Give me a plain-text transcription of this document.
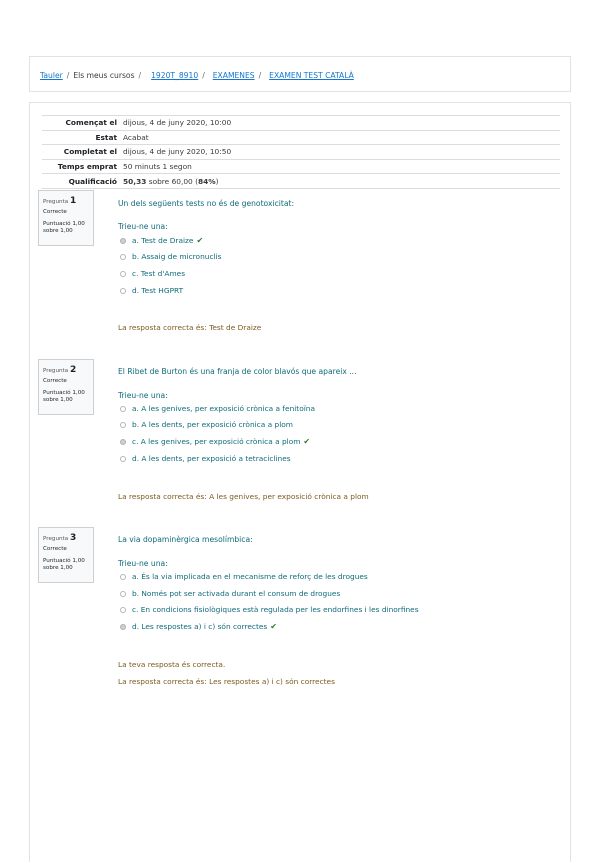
Tauler / Els meus cursos / 1920T_8910 / EXAMENES / EXAMEN TEST CATALÀ
Començat el	dijous, 4 de juny 2020, 10:00
Estat	Acabat
Completat el	dijous, 4 de juny 2020, 10:50
Temps emprat	50 minuts 1 segon
Qualificació	50,33 sobre 60,00 (84%)
Pregunta 1
Correcte
Puntuació 1,00
sobre 1,00
Un dels següents tests no és de genotoxicitat:
Trieu-ne una:
a. Test de Draize ✔
b. Assaig de micronuclis
c. Test d'Ames
d. Test HGPRT
La resposta correcta és: Test de Draize
Pregunta 2
Correcte
Puntuació 1,00
sobre 1,00
El Ribet de Burton és una franja de color blavós que apareix ...
Trieu-ne una:
a. A les genives, per exposició crònica a fenitoïna
b. A les dents, per exposició crònica a plom
c. A les genives, per exposició crònica a plom ✔
d. A les dents, per exposició a tetraciclines
La resposta correcta és: A les genives, per exposició crònica a plom
Pregunta 3
Correcte
Puntuació 1,00
sobre 1,00
La via dopaminèrgica mesolímbica:
Trieu-ne una:
a. És la via implicada en el mecanisme de reforç de les drogues
b. Només pot ser activada durant el consum de drogues
c. En condicions fisiològiques està regulada per les endorfines i les dinorfines
d. Les respostes a) i c) són correctes ✔
La teva resposta és correcta.
La resposta correcta és: Les respostes a) i c) són correctes
